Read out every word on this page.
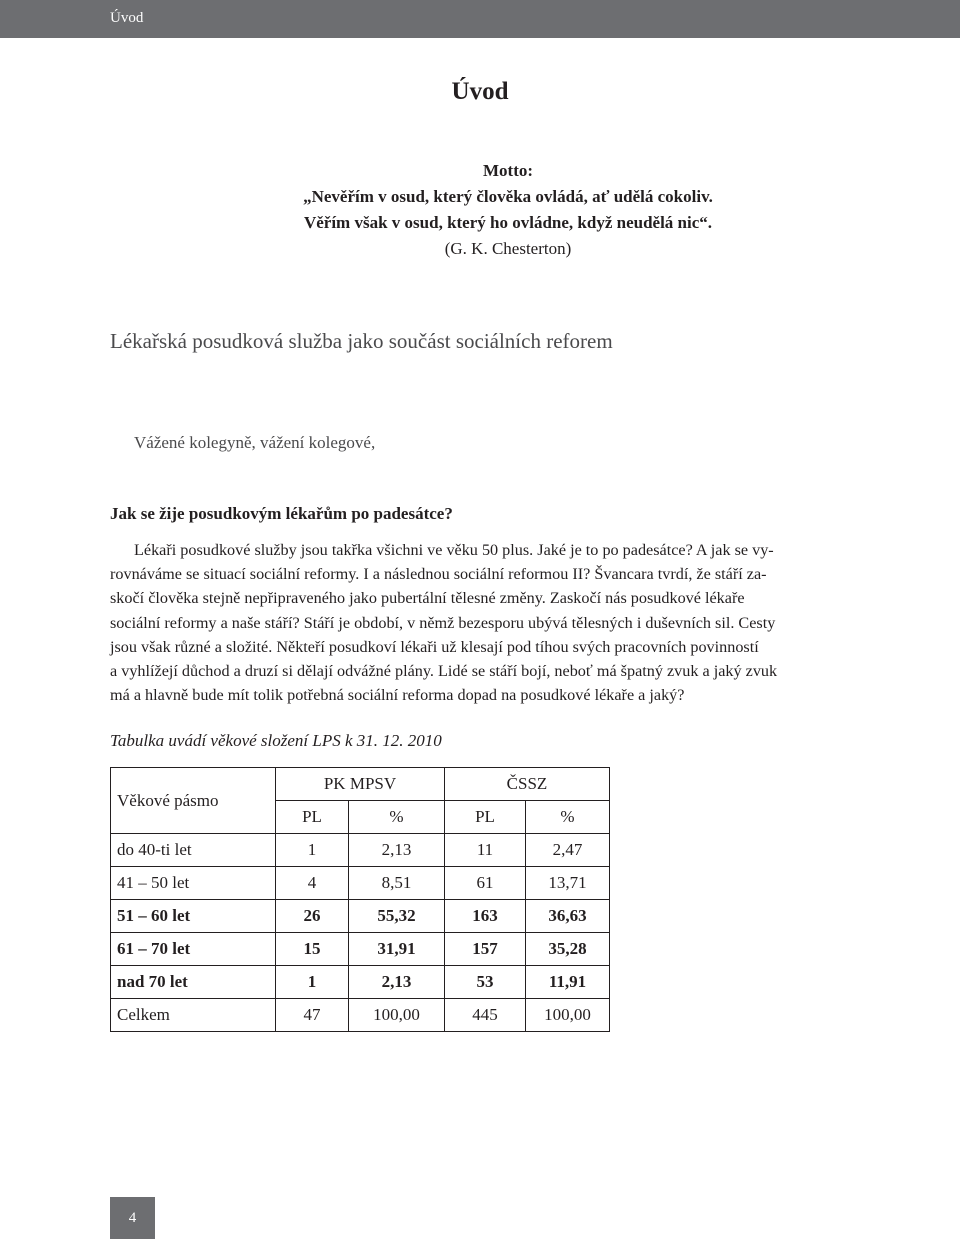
Úvod
Úvod
Motto:
„Nevěřím v osud, který člověka ovládá, ať udělá cokoliv.
Věřím však v osud, který ho ovládne, když neudělá nic“.
(G. K. Chesterton)
Lékařská posudková služba jako součást sociálních reforem
Vážené kolegyně, vážení kolegové,
Jak se žije posudkovým lékařům po padesátce?
Lékaři posudkové služby jsou takřka všichni ve věku 50 plus. Jaké je to po padesátce? A jak se vy-
rovnáváme se situací sociální reformy. I a následnou sociální reformou II? Švancara tvrdí, že stáří za-
skočí člověka stejně nepřipraveného jako pubertální tělesné změny. Zaskočí nás posudkové lékaře
sociální reformy a naše stáří? Stáří je období, v němž bezesporu ubývá tělesných i duševních sil. Cesty
jsou však různé a složité. Někteří posudkoví lékaři už klesají pod tíhou svých pracovních povinností
a vyhlížejí důchod a druzí si dělají odvážné plány. Lidé se stáří bojí, neboť má špatný zvuk a jaký zvuk
má a hlavně bude mít tolik potřebná sociální reforma dopad na posudkové lékaře a jaký?
Tabulka uvádí věkové složení LPS k 31. 12. 2010
Věkové pásmo	PK MPSV		ČSSZ	
	PL	%	PL	%
do 40-ti let	1	2,13	11	2,47
41 – 50 let	4	8,51	61	13,71
51 – 60 let	26	55,32	163	36,63
61 – 70 let	15	31,91	157	35,28
nad 70 let	1	2,13	53	11,91
Celkem	47	100,00	445	100,00
4
